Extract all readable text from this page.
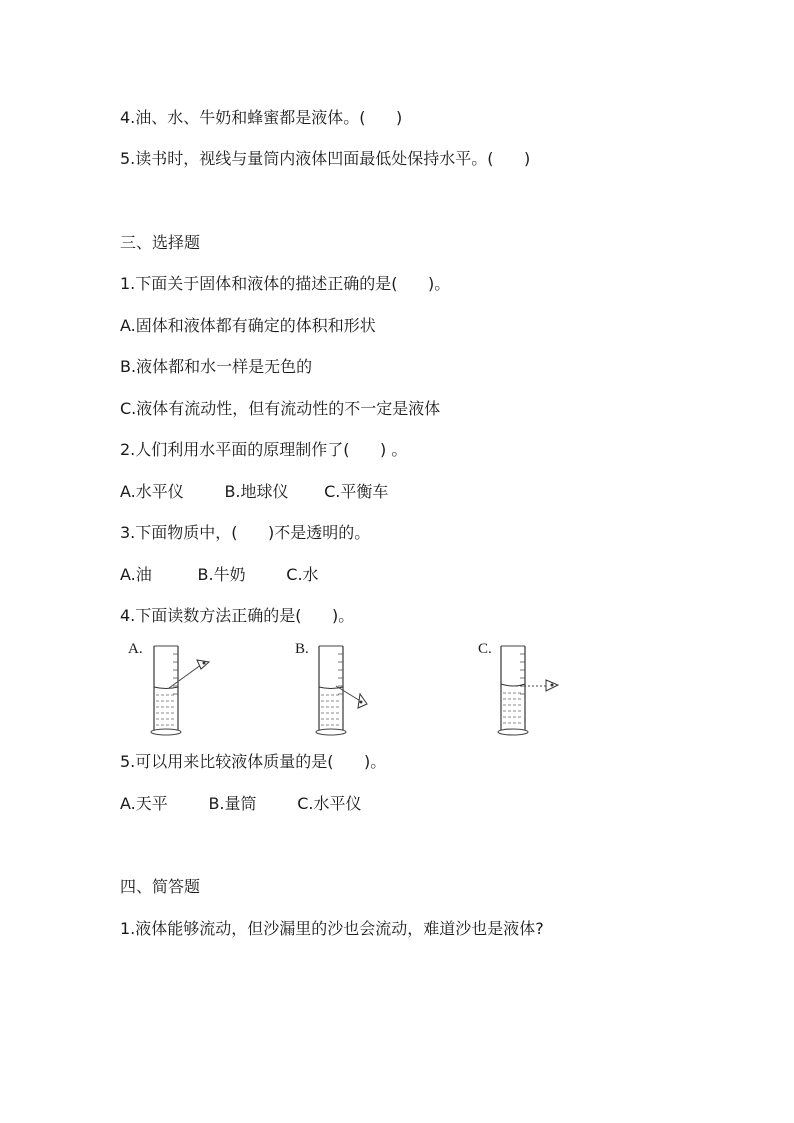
4.油、水、牛奶和蜂蜜都是液体。(      )
5.读书时，视线与量筒内液体凹面最低处保持水平。(      )
三、选择题
1.下面关于固体和液体的描述正确的是(      )。
A.固体和液体都有确定的体积和形状
B.液体都和水一样是无色的
C.液体有流动性，但有流动性的不一定是液体
2.人们利用水平面的原理制作了(      ) 。
A.水平仪        B.地球仪       C.平衡车
3.下面物质中，(      )不是透明的。
A.油         B.牛奶        C.水
4.下面读数方法正确的是(      )。
A.	B.	C.
5.可以用来比较液体质量的是(      )。
A.天平        B.量筒        C.水平仪
四、简答题
1.液体能够流动，但沙漏里的沙也会流动，难道沙也是液体?
